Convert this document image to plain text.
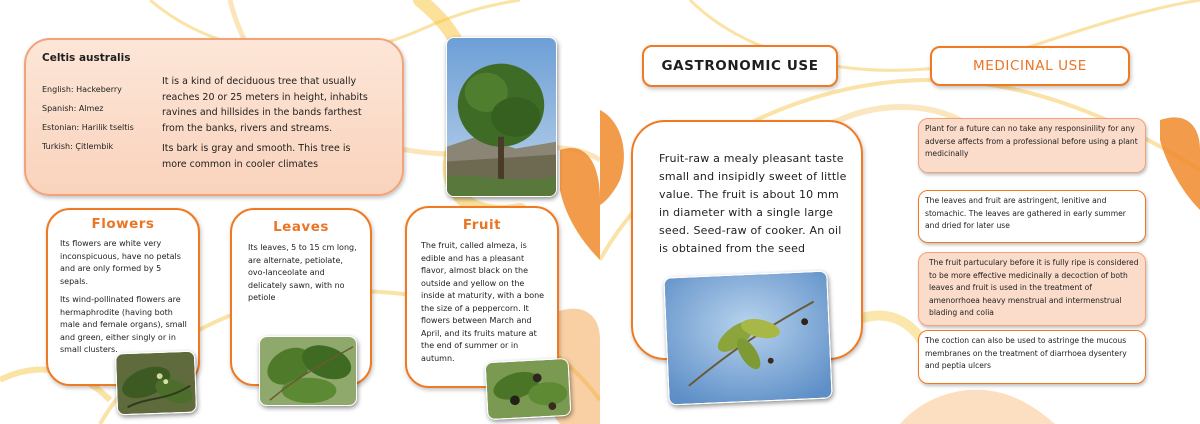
Celtis australis
English: Hackeberry
Spanish: Almez
Estonian: Harilik tseltis
Turkish: Çitlembik
It is a kind of deciduous tree that usually reaches 20 or 25 meters in height, inhabits ravines and hillsides in the bands farthest from the banks, rivers and streams.
Its bark is gray and smooth. This tree is more common in cooler climates
Flowers
Its flowers are white very inconspicuous, have no petals and are only formed by 5 sepals.
Its wind-pollinated flowers are hermaphrodite (having both male and female organs), small and green, either singly or in small clusters.
Leaves
Its leaves, 5 to 15 cm long, are alternate, petiolate, ovo-lanceolate and delicately sawn, with no petiole
Fruit
The fruit, called almeza, is edible and has a pleasant flavor, almost black on the outside and yellow on the inside at maturity, with a bone the size of a peppercorn. It flowers between March and April, and its fruits mature at the end of summer or in autumn.
GASTRONOMIC USE
Fruit-raw a mealy pleasant taste small and insipidly sweet of little value. The fruit is about 10 mm in diameter with a single large seed. Seed-raw of cooker. An oil is obtained from the seed
MEDICINAL USE
Plant for a future can no take any responsinility for any adverse affects from a professional before using a plant medicinally
The leaves and fruit are astringent, lenitive and stomachic. The leaves are gathered in early summer and dried for later use
The fruit partuculary before it is fully ripe is considered to be more effective medicinally a decoction of both leaves and fruit is used in the treatment of amenorrhoea heavy menstrual and intermenstrual blading and colia
The coction can also be used to astringe the mucous membranes on the treatment of diarrhoea dysentery and peptia ulcers
